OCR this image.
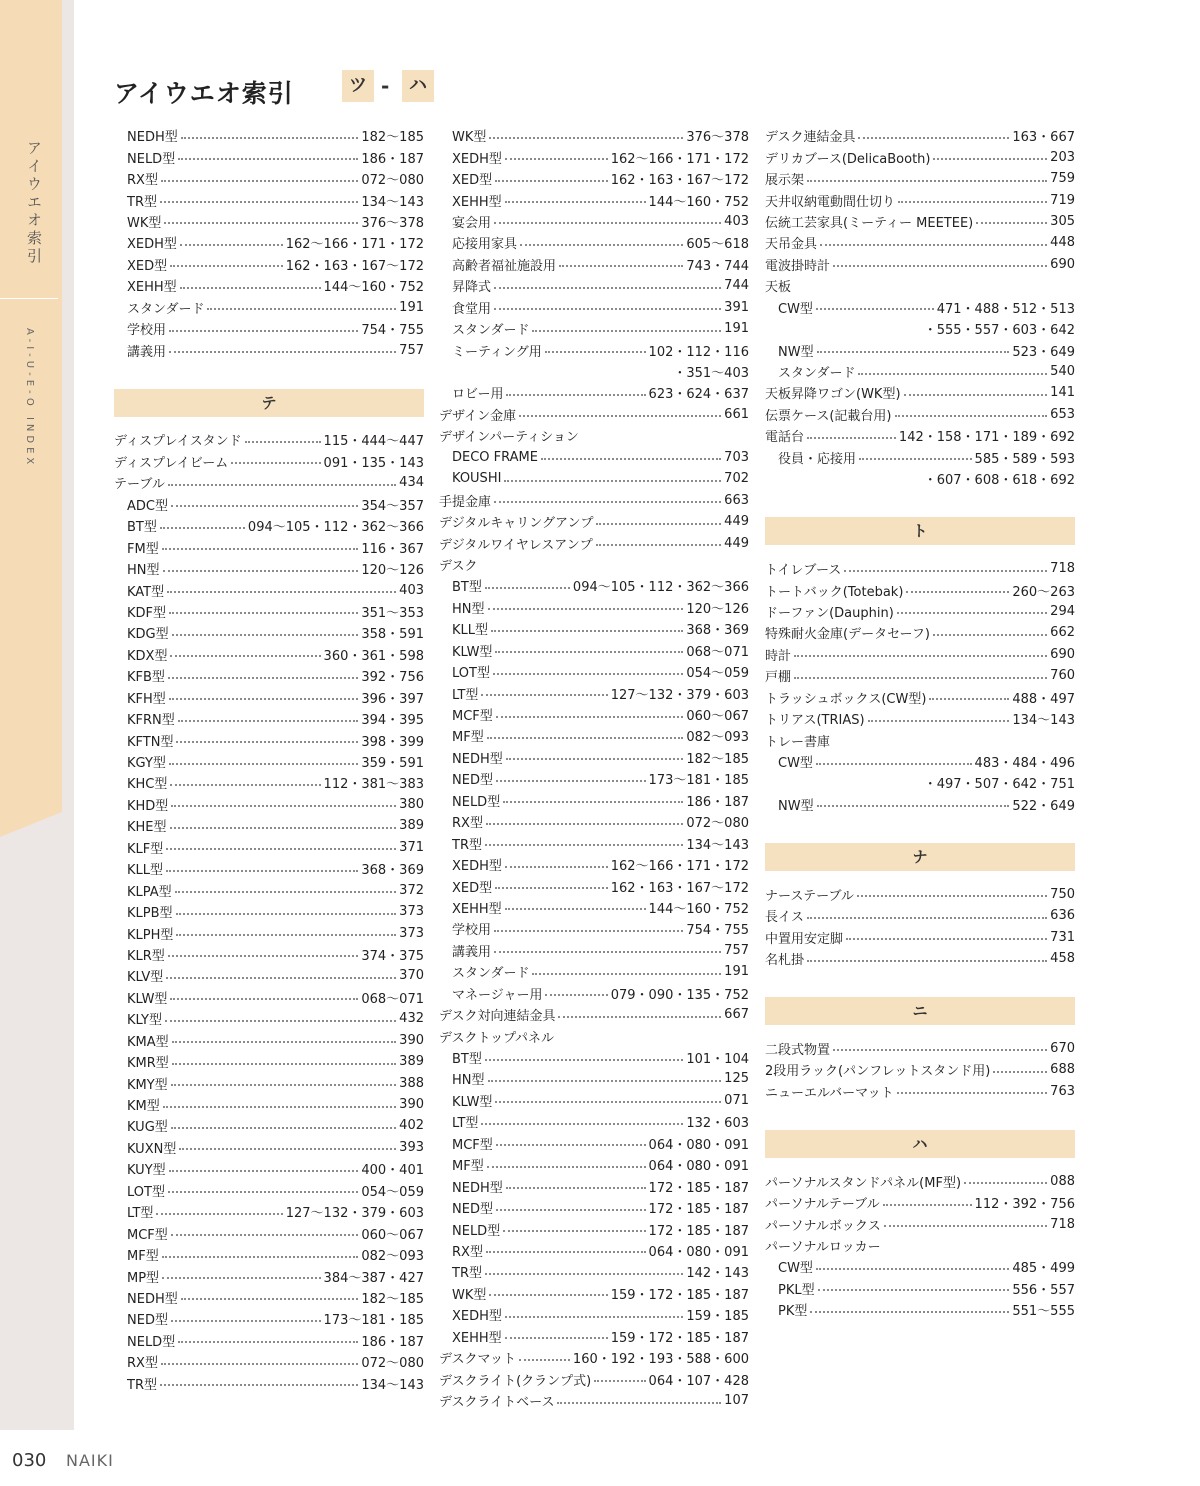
アイウエオ索引
A-I-U-E-O INDEX
アイウエオ索引	ツ -	ハ
NEDH型	182～185
NELD型	186・187
RX型	072～080
TR型	134～143
WK型	376～378
XEDH型	162～166・171・172
XED型	162・163・167～172
XEHH型	144～160・752
スタンダード	191
学校用	754・755
講義用	757
テ
ディスプレイスタンド	115・444～447
ディスプレイビーム	091・135・143
テーブル	434
ADC型	354～357
BT型	094～105・112・362～366
FM型	116・367
HN型	120～126
KAT型	403
KDF型	351～353
KDG型	358・591
KDX型	360・361・598
KFB型	392・756
KFH型	396・397
KFRN型	394・395
KFTN型	398・399
KGY型	359・591
KHC型	112・381～383
KHD型	380
KHE型	389
KLF型	371
KLL型	368・369
KLPA型	372
KLPB型	373
KLPH型	373
KLR型	374・375
KLV型	370
KLW型	068～071
KLY型	432
KMA型	390
KMR型	389
KMY型	388
KM型	390
KUG型	402
KUXN型	393
KUY型	400・401
LOT型	054～059
LT型	127～132・379・603
MCF型	060～067
MF型	082～093
MP型	384～387・427
NEDH型	182～185
NED型	173～181・185
NELD型	186・187
RX型	072～080
TR型	134～143
WK型	376～378
XEDH型	162～166・171・172
XED型	162・163・167～172
XEHH型	144～160・752
宴会用	403
応接用家具	605～618
高齢者福祉施設用	743・744
昇降式	744
食堂用	391
スタンダード	191
ミーティング用	102・112・116
・351～403
ロビー用	623・624・637
デザイン金庫	661
デザインパーティション
DECO FRAME	703
KOUSHI	702
手提金庫	663
デジタルキャリングアンプ	449
デジタルワイヤレスアンプ	449
デスク
BT型	094～105・112・362～366
HN型	120～126
KLL型	368・369
KLW型	068～071
LOT型	054～059
LT型	127～132・379・603
MCF型	060～067
MF型	082～093
NEDH型	182～185
NED型	173～181・185
NELD型	186・187
RX型	072～080
TR型	134～143
XEDH型	162～166・171・172
XED型	162・163・167～172
XEHH型	144～160・752
学校用	754・755
講義用	757
スタンダード	191
マネージャー用	079・090・135・752
デスク対向連結金具	667
デスクトップパネル
BT型	101・104
HN型	125
KLW型	071
LT型	132・603
MCF型	064・080・091
MF型	064・080・091
NEDH型	172・185・187
NED型	172・185・187
NELD型	172・185・187
RX型	064・080・091
TR型	142・143
WK型	159・172・185・187
XEDH型	159・185
XEHH型	159・172・185・187
デスクマット	160・192・193・588・600
デスクライト(クランプ式)	064・107・428
デスクライトベース	107
デスク連結金具	163・667
デリカブース(DelicaBooth)	203
展示架	759
天井収納電動間仕切り	719
伝統工芸家具(ミーティー MEETEE)	305
天吊金具	448
電波掛時計	690
天板
CW型	471・488・512・513
・555・557・603・642
NW型	523・649
スタンダード	540
天板昇降ワゴン(WK型)	141
伝票ケース(記載台用)	653
電話台	142・158・171・189・692
役員・応接用	585・589・593
・607・608・618・692
ト
トイレブース	718
トートバック(Totebak)	260～263
ドーファン(Dauphin)	294
特殊耐火金庫(データセーフ)	662
時計	690
戸棚	760
トラッシュボックス(CW型)	488・497
トリアス(TRIAS)	134～143
トレー書庫
CW型	483・484・496
・497・507・642・751
NW型	522・649
ナ
ナーステーブル	750
長イス	636
中置用安定脚	731
名札掛	458
ニ
二段式物置	670
2段用ラック(パンフレットスタンド用)	688
ニューエルバーマット	763
ハ
パーソナルスタンドパネル(MF型)	088
パーソナルテーブル	112・392・756
パーソナルボックス	718
パーソナルロッカー
CW型	485・499
PKL型	556・557
PK型	551～555
030 NAIKI
